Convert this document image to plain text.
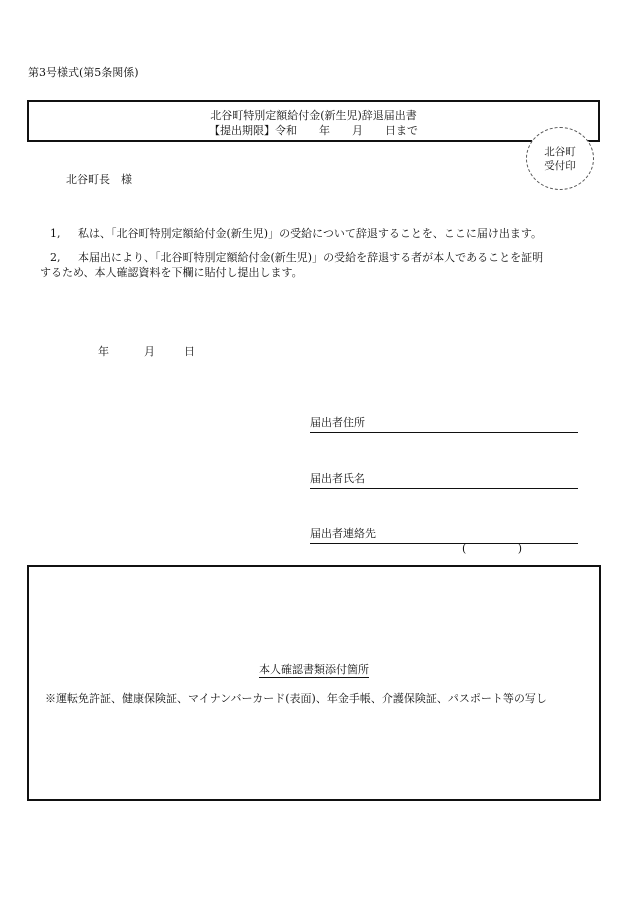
第3号様式(第5条関係)
北谷町特別定額給付金(新生児)辞退届出書
【提出期限】令和　　年　　月　　日まで
北谷町
受付印
北谷町長　様
1, 私は、「北谷町特別定額給付金(新生児)」の受給について辞退することを、ここに届け出ます。
2, 本届出により、「北谷町特別定額給付金(新生児)」の受給を辞退する者が本人であることを証明
するため、本人確認資料を下欄に貼付し提出します。
年	月	日
届出者住所
届出者氏名
届出者連絡先
(	)
本人確認書類添付箇所
※運転免許証、健康保険証、マイナンバーカード(表面)、年金手帳、介護保険証、パスポート等の写し
